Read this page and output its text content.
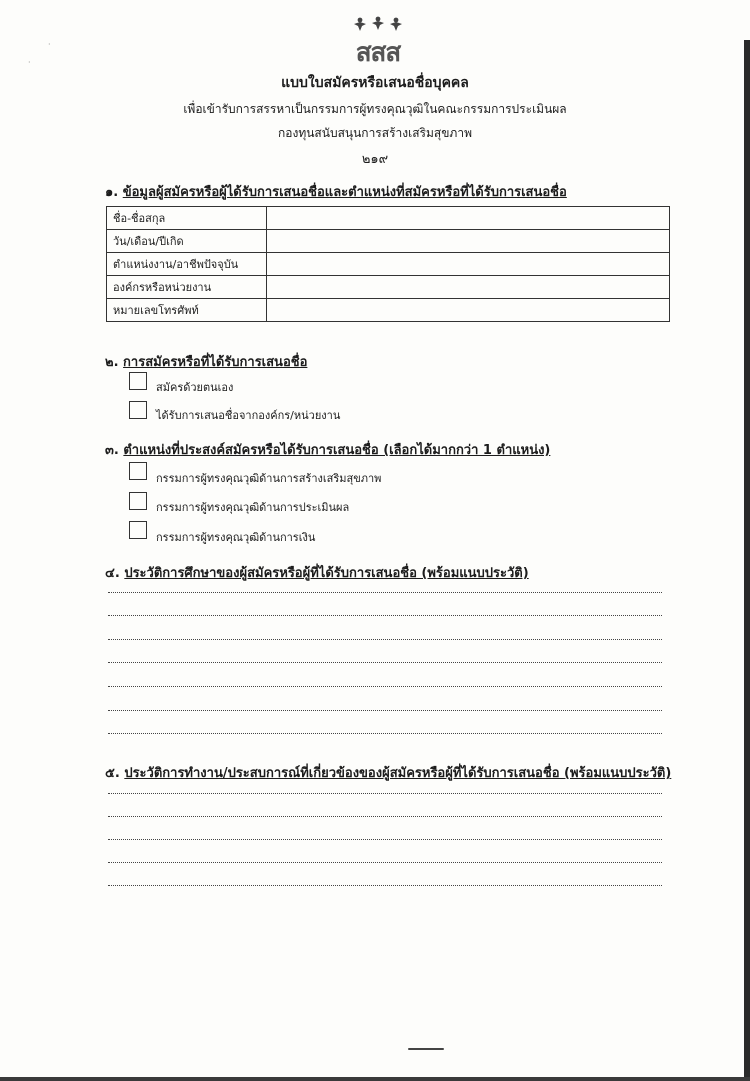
·
·	สสส
แบบใบสมัครหรือเสนอชื่อบุคคล
เพื่อเข้ารับการสรรหาเป็นกรรมการผู้ทรงคุณวุฒิในคณะกรรมการประเมินผล
กองทุนสนับสนุนการสร้างเสริมสุขภาพ
๒๑๙
๑. ข้อมูลผู้สมัครหรือผู้ได้รับการเสนอชื่อและตำแหน่งที่สมัครหรือที่ได้รับการเสนอชื่อ
ชื่อ-ชื่อสกุล	
วัน/เดือน/ปีเกิด	
ตำแหน่งงาน/อาชีพปัจจุบัน	
องค์กรหรือหน่วยงาน	
หมายเลขโทรศัพท์	
๒. การสมัครหรือที่ได้รับการเสนอชื่อ
สมัครด้วยตนเอง
ได้รับการเสนอชื่อจากองค์กร/หน่วยงาน
๓. ตำแหน่งที่ประสงค์สมัครหรือได้รับการเสนอชื่อ (เลือกได้มากกว่า 1 ตำแหน่ง)
กรรมการผู้ทรงคุณวุฒิด้านการสร้างเสริมสุขภาพ
กรรมการผู้ทรงคุณวุฒิด้านการประเมินผล
กรรมการผู้ทรงคุณวุฒิด้านการเงิน
๔. ประวัติการศึกษาของผู้สมัครหรือผู้ที่ได้รับการเสนอชื่อ (พร้อมแนบประวัติ)
๕. ประวัติการทำงาน/ประสบการณ์ที่เกี่ยวข้องของผู้สมัครหรือผู้ที่ได้รับการเสนอชื่อ (พร้อมแนบประวัติ)
